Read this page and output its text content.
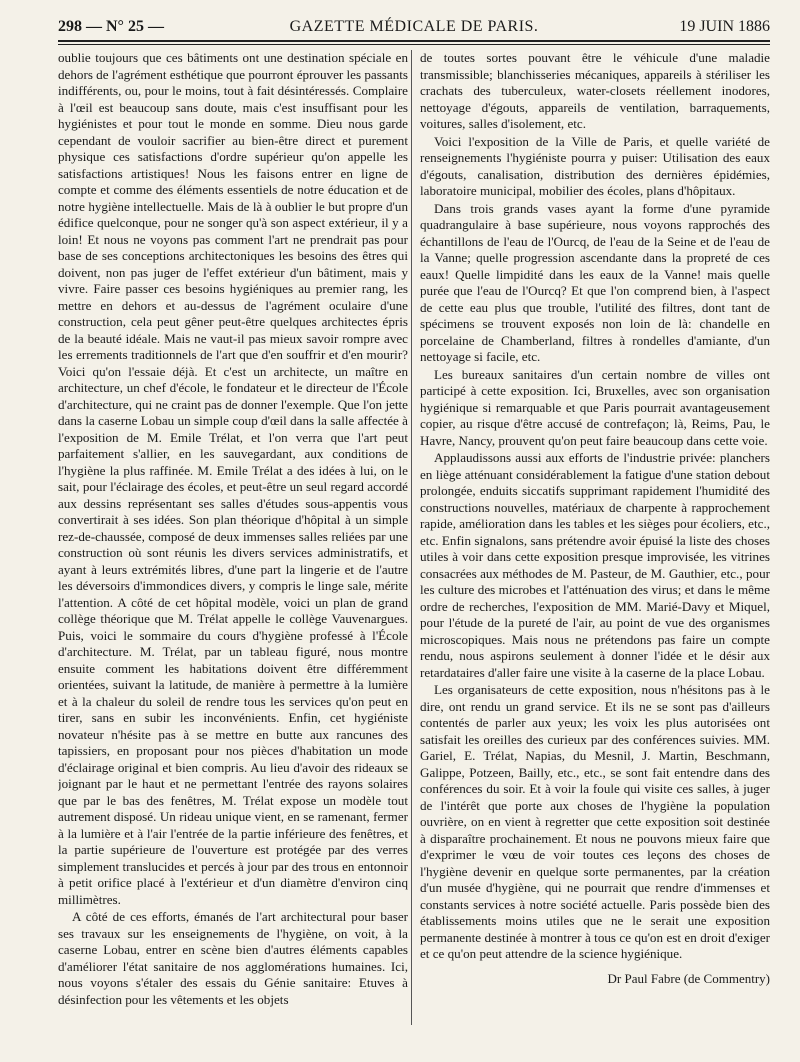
298 — N° 25 —	GAZETTE MÉDICALE DE PARIS.	19 JUIN 1886

oublie toujours que ces bâtiments ont une destination spéciale en dehors de l'agrément esthétique que pourront éprouver les passants indifférents, ou, pour le moins, tout à fait désintéressés. Complaire à l'œil est beaucoup sans doute, mais c'est insuffisant pour les hygiénistes et pour tout le monde en somme. Dieu nous garde cependant de vouloir sacrifier au bien-être direct et purement physique ces satisfactions d'ordre supérieur qu'on appelle les satisfactions artistiques! Nous les faisons entrer en ligne de compte et comme des éléments essentiels de notre éducation et de notre hygiène intellectuelle. Mais de là à oublier le but propre d'un édifice quelconque, pour ne songer qu'à son aspect extérieur, il y a loin! Et nous ne voyons pas comment l'art ne prendrait pas pour base de ses conceptions architectoniques les besoins des êtres qui doivent, non pas juger de l'effet extérieur d'un bâtiment, mais y vivre. Faire passer ces besoins hygiéniques au premier rang, les mettre en dehors et au-dessus de l'agrément oculaire d'une construction, cela peut gêner peut-être quelques architectes épris de la beauté idéale. Mais ne vaut-il pas mieux savoir rompre avec les errements traditionnels de l'art que d'en souffrir et d'en mourir? Voici qu'on l'essaie déjà. Et c'est un architecte, un maître en architecture, un chef d'école, le fondateur et le directeur de l'École d'architecture, qui ne craint pas de donner l'exemple. Que l'on jette dans la caserne Lobau un simple coup d'œil dans la salle affectée à l'exposition de M. Emile Trélat, et l'on verra que l'art peut parfaitement s'allier, en les sauvegardant, aux conditions de l'hygiène la plus raffinée. M. Emile Trélat a des idées à lui, on le sait, pour l'éclairage des écoles, et peut-être un seul regard accordé aux dessins représentant ses salles d'études sous-appentis vous convertirait à ses idées. Son plan théorique d'hôpital à un simple rez-de-chaussée, composé de deux immenses salles reliées par une construction où sont réunis les divers services administratifs, et ayant à leurs extrémités libres, d'une part la lingerie et de l'autre les déversoirs d'immondices divers, y compris le linge sale, mérite l'attention. A côté de cet hôpital modèle, voici un plan de grand collège théorique que M. Trélat appelle le collège Vauvenargues. Puis, voici le sommaire du cours d'hygiène professé à l'École d'architecture. M. Trélat, par un tableau figuré, nous montre ensuite comment les habitations doivent être différemment orientées, suivant la latitude, de manière à permettre à la lumière et à la chaleur du soleil de rendre tous les services qu'on peut en tirer, sans en subir les inconvénients. Enfin, cet hygiéniste novateur n'hésite pas à se mettre en butte aux rancunes des tapissiers, en proposant pour nos pièces d'habitation un mode d'éclairage original et bien compris. Au lieu d'avoir des rideaux se joignant par le haut et ne permettant l'entrée des rayons solaires que par le bas des fenêtres, M. Trélat expose un modèle tout autrement disposé. Un rideau unique vient, en se ramenant, fermer à la lumière et à l'air l'entrée de la partie inférieure des fenêtres, et la partie supérieure de l'ouverture est protégée par des verres simplement translucides et percés à jour par des trous en entonnoir à petit orifice placé à l'extérieur et d'un diamètre d'environ cinq millimètres.

A côté de ces efforts, émanés de l'art architectural pour baser ses travaux sur les enseignements de l'hygiène, on voit, à la caserne Lobau, entrer en scène bien d'autres éléments capables d'améliorer l'état sanitaire de nos agglomérations humaines. Ici, nous voyons s'étaler des essais du Génie sanitaire: Etuves à désinfection pour les vêtements et les objets

de toutes sortes pouvant être le véhicule d'une maladie transmissible; blanchisseries mécaniques, appareils à stériliser les crachats des tuberculeux, water-closets réellement inodores, nettoyage d'égouts, appareils de ventilation, barraquements, voitures, salles d'isolement, etc.

Voici l'exposition de la Ville de Paris, et quelle variété de renseignements l'hygiéniste pourra y puiser: Utilisation des eaux d'égouts, canalisation, distribution des dernières épidémies, laboratoire municipal, mobilier des écoles, plans d'hôpitaux.

Dans trois grands vases ayant la forme d'une pyramide quadrangulaire à base supérieure, nous voyons rapprochés des échantillons de l'eau de l'Ourcq, de l'eau de la Seine et de l'eau de la Vanne; quelle progression ascendante dans la propreté de ces eaux! Quelle limpidité dans les eaux de la Vanne! mais quelle purée que l'eau de l'Ourcq? Et que l'on comprend bien, à l'aspect de cette eau plus que trouble, l'utilité des filtres, dont tant de spécimens se trouvent exposés non loin de là: chandelle en porcelaine de Chamberland, filtres à rondelles d'amiante, d'un nettoyage si facile, etc.

Les bureaux sanitaires d'un certain nombre de villes ont participé à cette exposition. Ici, Bruxelles, avec son organisation hygiénique si remarquable et que Paris pourrait avantageusement copier, au risque d'être accusé de contrefaçon; là, Reims, Pau, le Havre, Nancy, prouvent qu'on peut faire beaucoup dans cette voie.

Applaudissons aussi aux efforts de l'industrie privée: planchers en liège atténuant considérablement la fatigue d'une station debout prolongée, enduits siccatifs supprimant rapidement l'humidité des constructions nouvelles, matériaux de charpente à rapprochement rapide, amélioration dans les tables et les sièges pour écoliers, etc., etc. Enfin signalons, sans prétendre avoir épuisé la liste des choses utiles à voir dans cette exposition presque improvisée, les vitrines consacrées aux méthodes de M. Pasteur, de M. Gauthier, etc., pour les culture des microbes et l'atténuation des virus; et dans le même ordre de recherches, l'exposition de MM. Marié-Davy et Miquel, pour l'étude de la pureté de l'air, au point de vue des organismes microscopiques. Mais nous ne prétendons pas faire un compte rendu, nous aspirons seulement à donner l'idée et le désir aux retardataires d'aller faire une visite à la caserne de la place Lobau.

Les organisateurs de cette exposition, nous n'hésitons pas à le dire, ont rendu un grand service. Et ils ne se sont pas d'ailleurs contentés de parler aux yeux; les voix les plus autorisées ont satisfait les oreilles des curieux par des conférences suivies. MM. Gariel, E. Trélat, Napias, du Mesnil, J. Martin, Beschmann, Galippe, Potzeen, Bailly, etc., etc., se sont fait entendre dans des conférences du soir. Et à voir la foule qui visite ces salles, à juger de l'intérêt que porte aux choses de l'hygiène la population ouvrière, on en vient à regretter que cette exposition soit destinée à disparaître prochainement. Et nous ne pouvons mieux faire que d'exprimer le vœu de voir toutes ces leçons des choses de l'hygiène devenir en quelque sorte permanentes, par la création d'un musée d'hygiène, qui ne pourrait que rendre d'immenses et constants services à notre société actuelle. Paris possède bien des établissements moins utiles que ne le serait une exposition permanente destinée à montrer à tous ce qu'on est en droit d'exiger et ce qu'on peut attendre de la science hygiénique.

Dr Paul Fabre (de Commentry)
